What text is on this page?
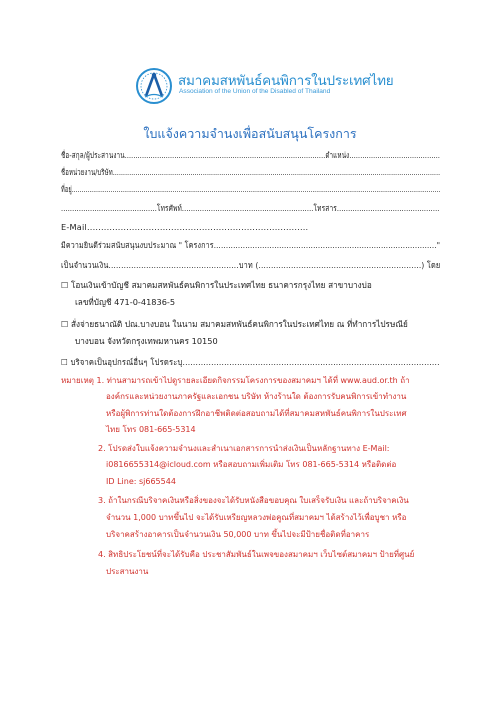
สมาคมสหพันธ์คนพิการในประเทศไทย
Association of the Union of the Disabled of Thailand
ใบแจ้งความจำนงเพื่อสนับสนุนโครงการ
ชื่อ-สกุล/ผู้ประสานงาน.............................................................................................ตำแหน่ง..........................................
ชื่อหน่วยงาน/บริษัท................................................................................................................................................................
ที่อยู่..............................................................................................................................................................................................
...........................................โทรศัพท์...........................................................โทรสาร..............................................
E-Mail...............................................................................
มีความยินดีร่วมสนับสนุนงบประมาณ " โครงการ............................................................................................"
เป็นจำนวนเงิน....................................................บาท (.................................................................) โดย
☐ โอนเงินเข้าบัญชี สมาคมสหพันธ์คนพิการในประเทศไทย ธนาคารกรุงไทย สาขาบางบ่อ
เลขที่บัญชี 471-0-41836-5
☐ สั่งจ่ายธนาณัติ ปณ.บางบอน ในนาม สมาคมสหพันธ์คนพิการในประเทศไทย ณ ที่ทำการไปรษณีย์
บางบอน จังหวัดกรุงเทพมหานคร 10150
☐ บริจาคเป็นอุปกรณ์อื่นๆ โปรดระบุ...................................................................................................
หมายเหตุ 1. ท่านสามารถเข้าไปดูรายละเอียดกิจกรรมโครงการของสมาคมฯ ได้ที่ www.aud.or.th ถ้า
องค์กรและหน่วยงานภาครัฐและเอกชน บริษัท ห้างร้านใด ต้องการรับคนพิการเข้าทำงาน
หรือผู้พิการท่านใดต้องการฝึกอาชีพติดต่อสอบถามได้ที่สมาคมสหพันธ์คนพิการในประเทศ
ไทย โทร 081-665-5314
2. โปรดส่งใบแจ้งความจำนงและสำเนาเอกสารการนำส่งเงินเป็นหลักฐานทาง E-Mail:
i0816655314@icloud.com หรือสอบถามเพิ่มเติม โทร 081-665-5314 หรือติดต่อ
ID Line: sj665544
3. ถ้าในกรณีบริจาคเงินหรือสิ่งของจะได้รับหนังสือขอบคุณ ใบเสร็จรับเงิน และถ้าบริจาคเงิน
จำนวน 1,000 บาทขึ้นไป จะได้รับเหรียญหลวงพ่อคูณที่สมาคมฯ ได้สร้างไว้เพื่อบูชา หรือ
บริจาคสร้างอาคารเป็นจำนวนเงิน 50,000 บาท ขึ้นไปจะมีป้ายชื่อติดที่อาคาร
4. สิทธิประโยชน์ที่จะได้รับคือ ประชาสัมพันธ์ในเพจของสมาคมฯ เว็บไซต์สมาคมฯ ป้ายที่ศูนย์
ประสานงาน
